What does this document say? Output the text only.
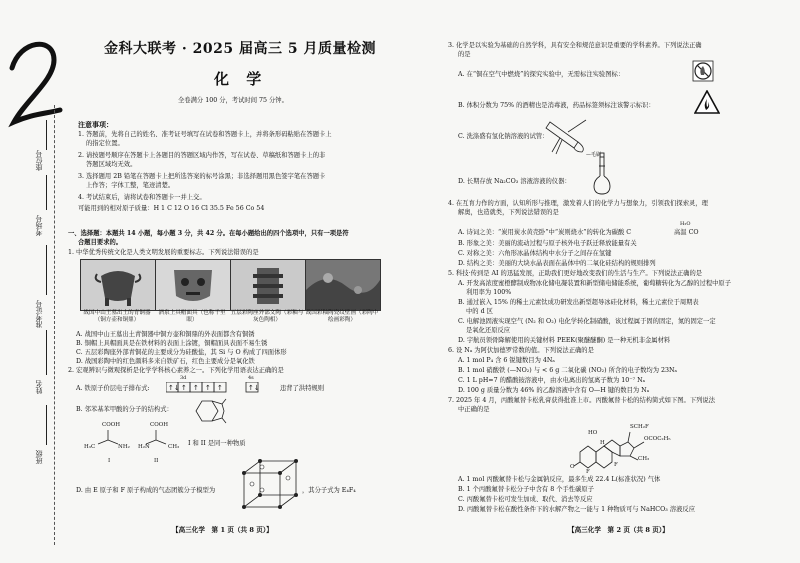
座位号
考场号
准考证号
姓名
班级
金科大联考 · 2025 届高三 5 月质量检测
化 学
全卷满分 100 分，考试时间 75 分钟。
注意事项：
1. 答题前，先将自己的姓名、准考证号填写在试卷和答题卡上，并将条形码粘贴在答题卡上
的指定位置。
2. 请按题号顺序在答题卡上各题目的答题区域内作答，写在试卷、草稿纸和答题卡上的非
答题区域均无效。
3. 选择题用 2B 铅笔在答题卡上把所选答案的标号涂黑；非选择题用黑色签字笔在答题卡
上作答；字体工整，笔迹清楚。
4. 考试结束后，请将试卷和答题卡一并上交。
可能用到的相对原子质量：H 1 C 12 O 16 Cl 35.5 Fe 56 Co 54
一、选择题：本题共 14 小题，每小题 3 分，共 42 分。在每小题给出的四个选项中，只有一项是符
合题目要求的。
1. 中华优秀传统文化是人类文明发展的重要标志。下列说法错误的是
战国中山王墓出土的青铜器（铜方壶和铜鼎）
酒泉上具帽面具（也称千里眼）
五层彩陶座外部文陶（彩釉与灰色陶相）
战国彩釉陶瓷纹壁画（彩陶中绘画彩陶）
A. 战国中山王墓出土青铜器中铜方壶和铜鼎的外表面都含有铜锈
B. 铜帽上具帽面具是在铁材料的表面上涂镀，铜帽面具表面不易生锈
C. 五层彩陶座外部青铜花的主要成分为硅酸盐，其 Si 与 O 构成了四面体形
D. 战国彩陶中的红色颜料多来自铁矿石，红色主要成分是氧化铁
2. 宏观辨识与微观探析是化学学科核心素养之一。下列化学用语表达正确的是
A. 铁原子价层电子排布式:
3d	4s
↑↓ ↑ ↑ ↑ ↑	↑↓	违背了洪特规则
B. 邻苯基苯甲酸的分子的结构式：
COOH	COOH
H₃C	NH₂ H₂N	CH₃
I	II
I 和 II 是同一种物质
D. 由 E 原子和 F 原子构成的气态团簇分子模型为	，其分子式为 E₄F₄
【高三化学　第 1 页（共 8 页）】
3. 化学是以实验为基础的自然学科，具有安全和规范意识是重要的学科素养。下列说法正确
的是
A. 在“铜在空气中燃烧”的探究实验中，无需标注实验图标：
B. 体积分数为 75% 的酒精也是消毒液，药品标签须标注该警示标识：
C. 洗涤盛有氢化钠溶液的试管：
—毛刷
D. 长期存放 Na₂CO₃ 溶液溶液的仪器：
4. 在互育力作的方面，认知所形与推理，激发着人们的化学力与想象力，引领我们探索灵，理
解奥，也造就类，下列说法错误的是
A. 诗词之美：“炭用炭水黄壳卧”中“炭则烧水”的转化为碳酸 C
H₂O
高温 CO
B. 形象之美：美丽的流动过程与原子核外电子跃迁释放能量有关
C. 对称之美：六角形冰晶体结构中水分子之间存在氢键
D. 结构之美：美丽的大块水晶表面在晶体中的二氧化硅结构的规则排列
5. 科技·传到是 AI 的迅猛发展，正助我们更好地改变我们的生活与生产。下列说法正确的是
A. 开发高浓度蜜橙酵制成物冰化储电凝装置和新型储电储能系统，葡萄糖转化为乙醇的过程中原子
利用率为 100%
B. 通过嵌入 15% 的稀土元素钛成功研发出新型超导冰硅化材料，稀土元素位于周期表
中的 d 区
C. 电解池固液实现空气 (N₂ 和 O₂) 电化学转化制硝酸，该过程属于固的固定，氮的固定一定
是氧化还原反应
D. 宇航员领骨降解使用的关键材料 PEEK(聚醚醚酮) 是一种无机非金属材料
6. 设 Nₐ 为阿伏加德罗常数的值。下列说法正确的是
A. 1 mol P₄ 含 6 锐键数目为 4Nₐ
B. 1 mol 硝酸铁 (—NO₂) 与 < 6 g 二氧化碳 (NO₂) 所含的电子数均为 23Nₐ
C. 1 L pH=7 的醋酸铵溶液中，由水电离出的氢离子数为 10⁻⁷ Nₐ
D. 100 g 质量分数为 46% 的乙醇溶液中含有 O—H 键的数目为 Nₐ
7. 2025 年 4 月，丙酸氟替卡松乳膏获得批准上市。丙酸氟替卡松的结构简式如下图。下列说法
中正确的是
HO
F
SCH₂F
OCOC₂H₅
CH₃
H
O
F
A. 1 mol 丙酸氟替卡松与金属钠反应，最多生成 22.4 L(标准状况) 气体
B. 1 个丙酸氟替卡松分子中含有 8 个手性碳原子
C. 丙酸氟替卡松可发生加成、取代、消去等反应
D. 丙酸氟替卡松在酸性条件下的水解产物之一能与 1 种物质可与 NaHCO₃ 溶液反应
【高三化学　第 2 页（共 8 页）】
